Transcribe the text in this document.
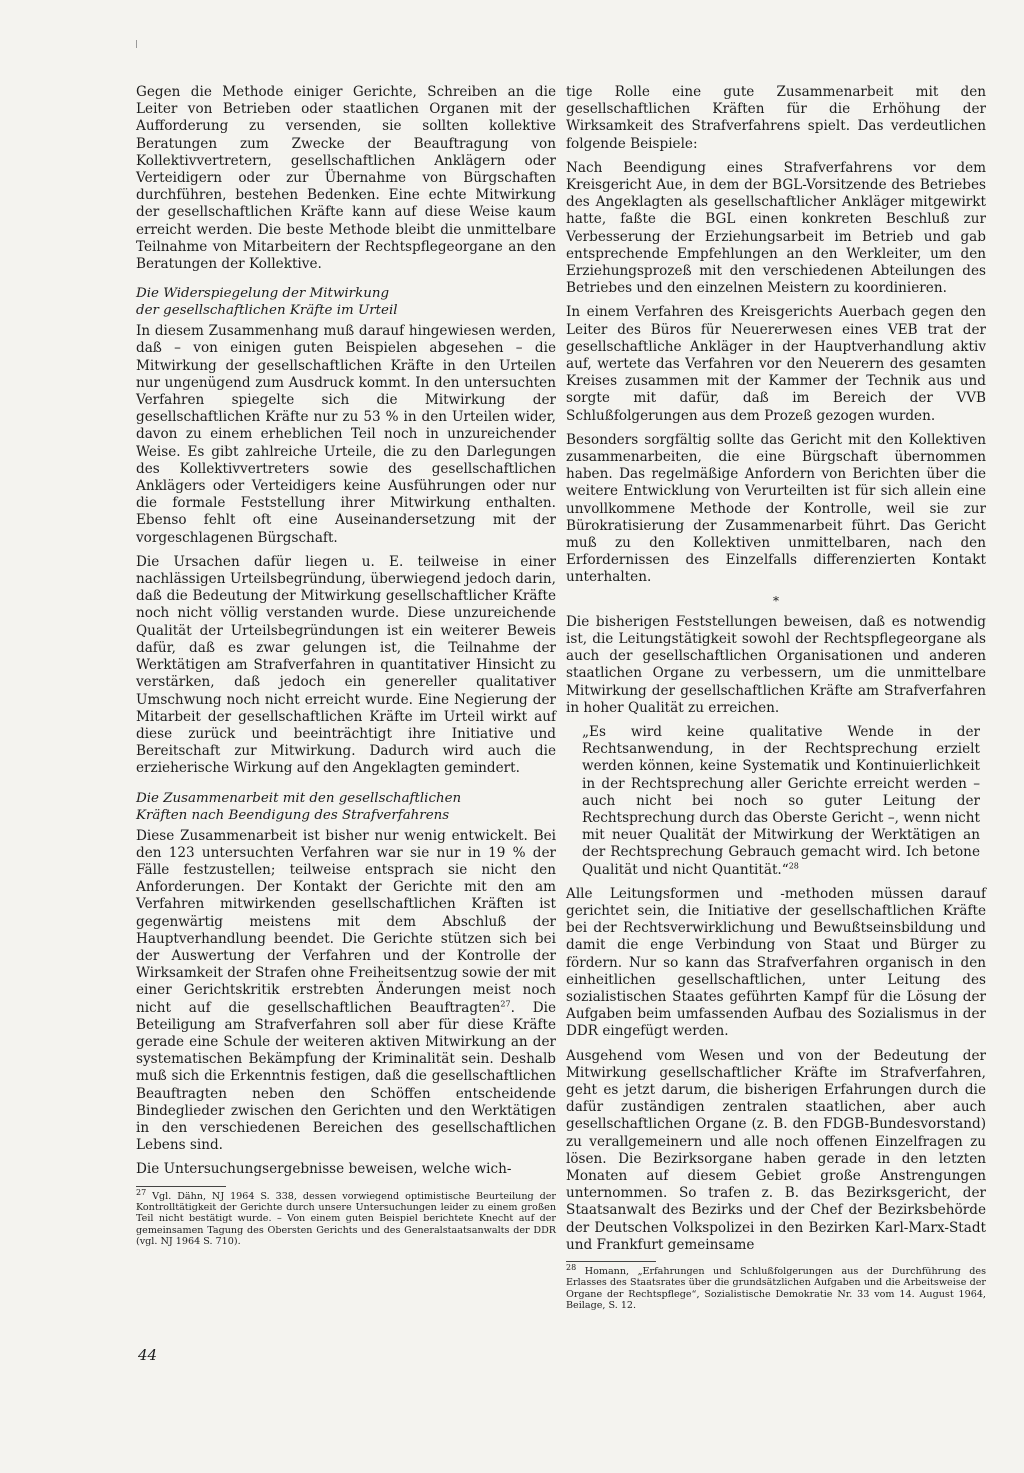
Gegen die Methode einiger Gerichte, Schreiben an die Leiter von Betrieben oder staatlichen Organen mit der Aufforderung zu versenden, sie sollten kollektive Beratungen zum Zwecke der Beauftragung von Kollektivvertretern, gesellschaftlichen Anklägern oder Verteidigern oder zur Übernahme von Bürgschaften durchführen, bestehen Bedenken. Eine echte Mitwirkung der gesellschaftlichen Kräfte kann auf diese Weise kaum erreicht werden. Die beste Methode bleibt die unmittelbare Teilnahme von Mitarbeitern der Rechtspflegeorgane an den Beratungen der Kollektive.

Die Widerspiegelung der Mitwirkung
der gesellschaftlichen Kräfte im Urteil

In diesem Zusammenhang muß darauf hingewiesen werden, daß – von einigen guten Beispielen abgesehen – die Mitwirkung der gesellschaftlichen Kräfte in den Urteilen nur ungenügend zum Ausdruck kommt. In den untersuchten Verfahren spiegelte sich die Mitwirkung der gesellschaftlichen Kräfte nur zu 53 % in den Urteilen wider, davon zu einem erheblichen Teil noch in unzureichender Weise. Es gibt zahlreiche Urteile, die zu den Darlegungen des Kollektivvertreters sowie des gesellschaftlichen Anklägers oder Verteidigers keine Ausführungen oder nur die formale Feststellung ihrer Mitwirkung enthalten. Ebenso fehlt oft eine Auseinandersetzung mit der vorgeschlagenen Bürgschaft.

Die Ursachen dafür liegen u. E. teilweise in einer nachlässigen Urteilsbegründung, überwiegend jedoch darin, daß die Bedeutung der Mitwirkung gesellschaftlicher Kräfte noch nicht völlig verstanden wurde. Diese unzureichende Qualität der Urteilsbegründungen ist ein weiterer Beweis dafür, daß es zwar gelungen ist, die Teilnahme der Werktätigen am Strafverfahren in quantitativer Hinsicht zu verstärken, daß jedoch ein genereller qualitativer Umschwung noch nicht erreicht wurde. Eine Negierung der Mitarbeit der gesellschaftlichen Kräfte im Urteil wirkt auf diese zurück und beeinträchtigt ihre Initiative und Bereitschaft zur Mitwirkung. Dadurch wird auch die erzieherische Wirkung auf den Angeklagten gemindert.

Die Zusammenarbeit mit den gesellschaftlichen
Kräften nach Beendigung des Strafverfahrens

Diese Zusammenarbeit ist bisher nur wenig entwickelt. Bei den 123 untersuchten Verfahren war sie nur in 19 % der Fälle festzustellen; teilweise entsprach sie nicht den Anforderungen. Der Kontakt der Gerichte mit den am Verfahren mitwirkenden gesellschaftlichen Kräften ist gegenwärtig meistens mit dem Abschluß der Hauptverhandlung beendet. Die Gerichte stützen sich bei der Auswertung der Verfahren und der Kontrolle der Wirksamkeit der Strafen ohne Freiheitsentzug sowie der mit einer Gerichtskritik erstrebten Änderungen meist noch nicht auf die gesellschaftlichen Beauftragten$^{27}$. Die Beteiligung am Strafverfahren soll aber für diese Kräfte gerade eine Schule der weiteren aktiven Mitwirkung an der systematischen Bekämpfung der Kriminalität sein. Deshalb muß sich die Erkenntnis festigen, daß die gesellschaftlichen Beauftragten neben den Schöffen entscheidende Bindeglieder zwischen den Gerichten und den Werktätigen in den verschiedenen Bereichen des gesellschaftlichen Lebens sind.

Die Untersuchungsergebnisse beweisen, welche wich-

$^{27}$ Vgl. Dähn, NJ 1964 S. 338, dessen vorwiegend optimistische Beurteilung der Kontrolltätigkeit der Gerichte durch unsere Untersuchungen leider zu einem großen Teil nicht bestätigt wurde. – Von einem guten Beispiel berichtete Knecht auf der gemeinsamen Tagung des Obersten Gerichts und des Generalstaatsanwalts der DDR (vgl. NJ 1964 S. 710).

tige Rolle eine gute Zusammenarbeit mit den gesellschaftlichen Kräften für die Erhöhung der Wirksamkeit des Strafverfahrens spielt. Das verdeutlichen folgende Beispiele:

Nach Beendigung eines Strafverfahrens vor dem Kreisgericht Aue, in dem der BGL-Vorsitzende des Betriebes des Angeklagten als gesellschaftlicher Ankläger mitgewirkt hatte, faßte die BGL einen konkreten Beschluß zur Verbesserung der Erziehungsarbeit im Betrieb und gab entsprechende Empfehlungen an den Werkleiter, um den Erziehungsprozeß mit den verschiedenen Abteilungen des Betriebes und den einzelnen Meistern zu koordinieren.

In einem Verfahren des Kreisgerichts Auerbach gegen den Leiter des Büros für Neuererwesen eines VEB trat der gesellschaftliche Ankläger in der Hauptverhandlung aktiv auf, wertete das Verfahren vor den Neuerern des gesamten Kreises zusammen mit der Kammer der Technik aus und sorgte mit dafür, daß im Bereich der VVB Schlußfolgerungen aus dem Prozeß gezogen wurden.

Besonders sorgfältig sollte das Gericht mit den Kollektiven zusammenarbeiten, die eine Bürgschaft übernommen haben. Das regelmäßige Anfordern von Berichten über die weitere Entwicklung von Verurteilten ist für sich allein eine unvollkommene Methode der Kontrolle, weil sie zur Bürokratisierung der Zusammenarbeit führt. Das Gericht muß zu den Kollektiven unmittelbaren, nach den Erfordernissen des Einzelfalls differenzierten Kontakt unterhalten.

*

Die bisherigen Feststellungen beweisen, daß es notwendig ist, die Leitungstätigkeit sowohl der Rechtspflegeorgane als auch der gesellschaftlichen Organisationen und anderen staatlichen Organe zu verbessern, um die unmittelbare Mitwirkung der gesellschaftlichen Kräfte am Strafverfahren in hoher Qualität zu erreichen.

„Es wird keine qualitative Wende in der Rechtsanwendung, in der Rechtsprechung erzielt werden können, keine Systematik und Kontinuierlichkeit in der Rechtsprechung aller Gerichte erreicht werden – auch nicht bei noch so guter Leitung der Rechtsprechung durch das Oberste Gericht –, wenn nicht mit neuer Qualität der Mitwirkung der Werktätigen an der Rechtsprechung Gebrauch gemacht wird. Ich betone Qualität und nicht Quantität.“$^{28}$

Alle Leitungsformen und -methoden müssen darauf gerichtet sein, die Initiative der gesellschaftlichen Kräfte bei der Rechtsverwirklichung und Bewußtseinsbildung und damit die enge Verbindung von Staat und Bürger zu fördern. Nur so kann das Strafverfahren organisch in den einheitlichen gesellschaftlichen, unter Leitung des sozialistischen Staates geführten Kampf für die Lösung der Aufgaben beim umfassenden Aufbau des Sozialismus in der DDR eingefügt werden.

Ausgehend vom Wesen und von der Bedeutung der Mitwirkung gesellschaftlicher Kräfte im Strafverfahren, geht es jetzt darum, die bisherigen Erfahrungen durch die dafür zuständigen zentralen staatlichen, aber auch gesellschaftlichen Organe (z. B. den FDGB-Bundesvorstand) zu verallgemeinern und alle noch offenen Einzelfragen zu lösen. Die Bezirksorgane haben gerade in den letzten Monaten auf diesem Gebiet große Anstrengungen unternommen. So trafen z. B. das Bezirksgericht, der Staatsanwalt des Bezirks und der Chef der Bezirksbehörde der Deutschen Volkspolizei in den Bezirken Karl-Marx-Stadt und Frankfurt gemeinsame

$^{28}$ Homann, „Erfahrungen und Schlußfolgerungen aus der Durchführung des Erlasses des Staatsrates über die grundsätzlichen Aufgaben und die Arbeitsweise der Organe der Rechtspflege“, Sozialistische Demokratie Nr. 33 vom 14. August 1964, Beilage, S. 12.

44
